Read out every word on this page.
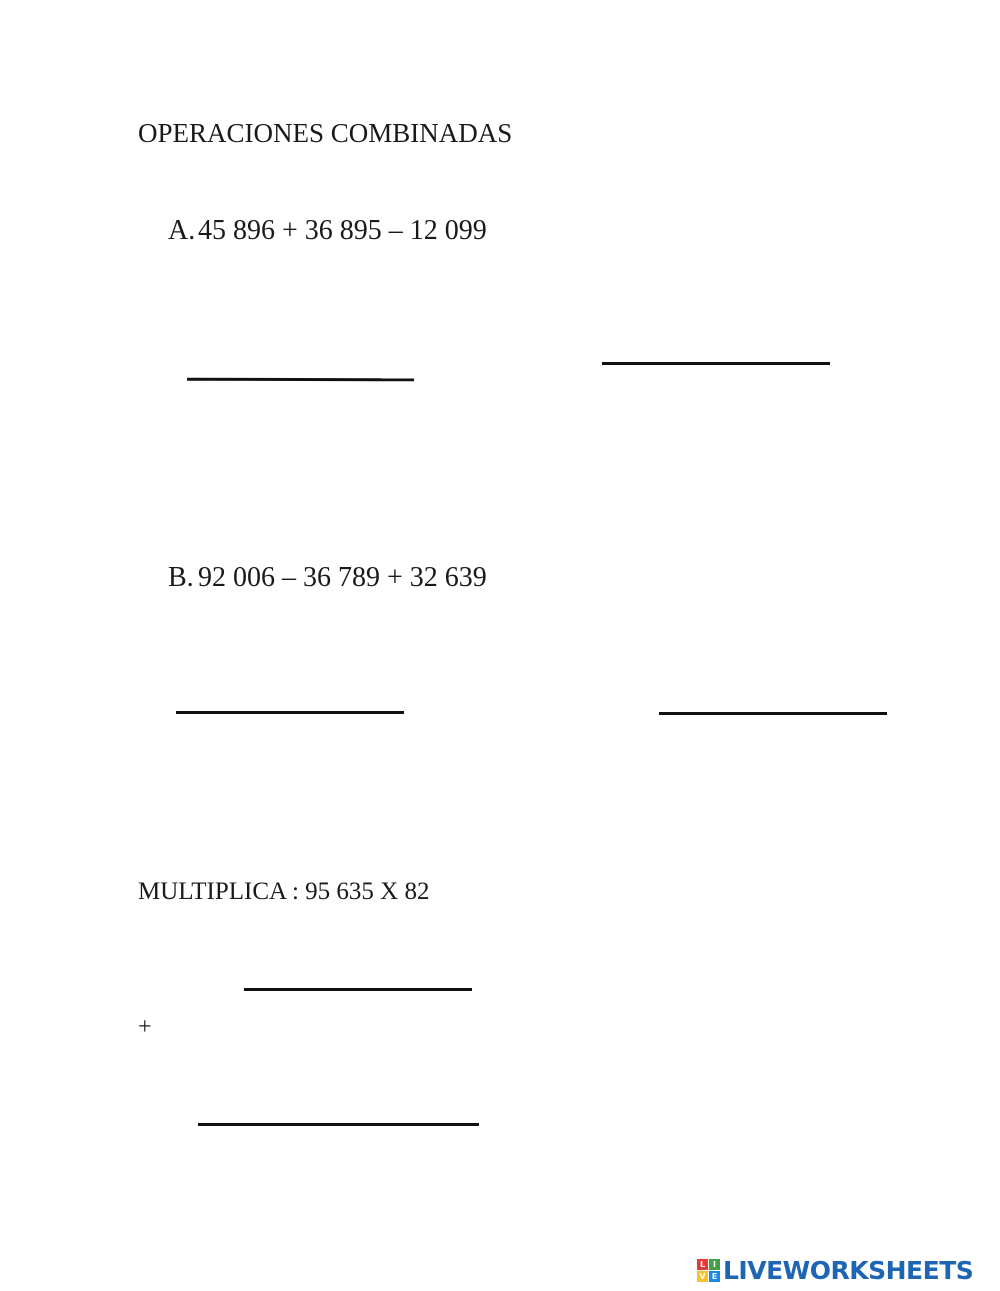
OPERACIONES COMBINADAS
A.45 896 + 36 895 – 12 099
B. 92 006 – 36 789 + 32 639
MULTIPLICA : 95 635 X 82
+
L I
V E LIVEWORKSHEETS
